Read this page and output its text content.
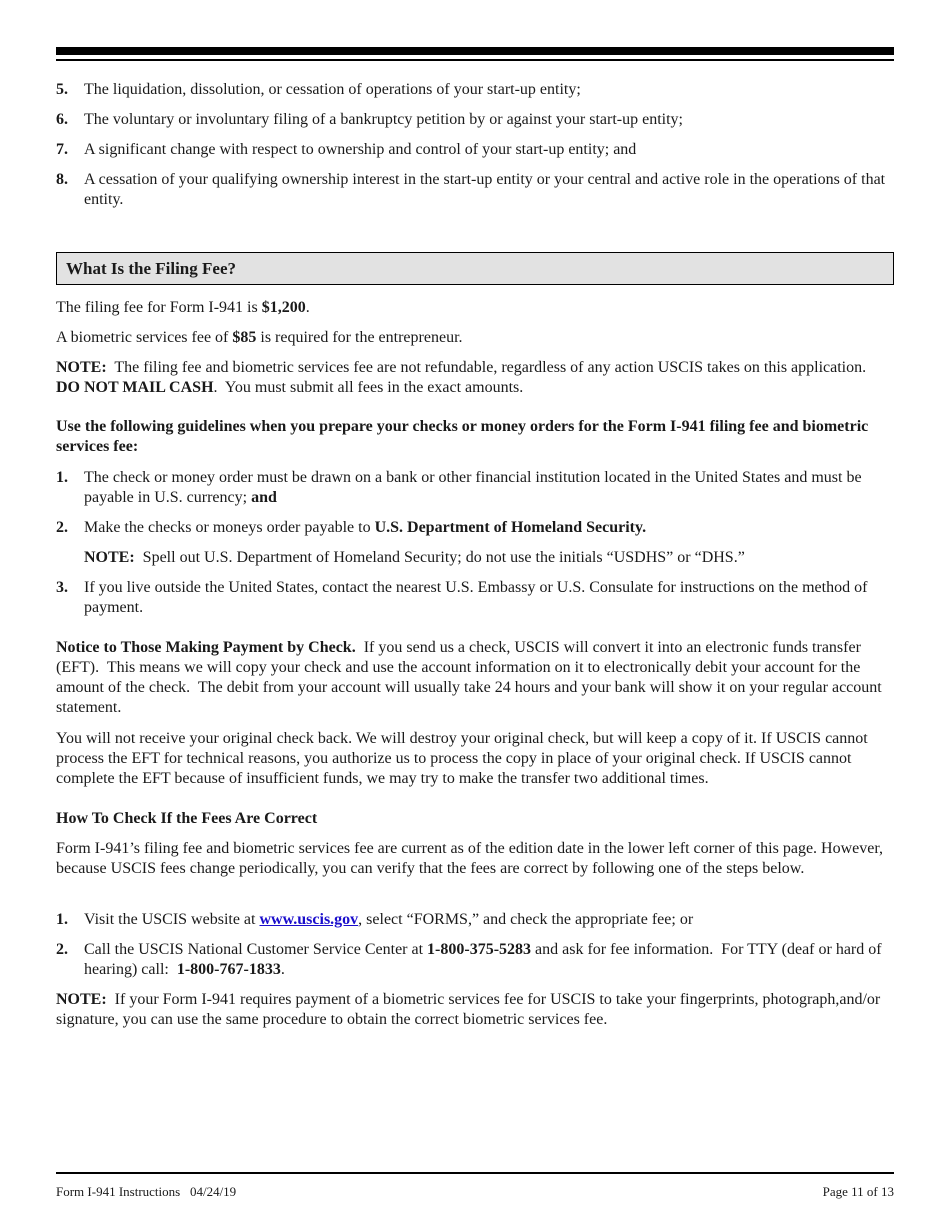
5.	The liquidation, dissolution, or cessation of operations of your start-up entity;
6.	The voluntary or involuntary filing of a bankruptcy petition by or against your start-up entity;
7.	A significant change with respect to ownership and control of your start-up entity; and
8.	A cessation of your qualifying ownership interest in the start-up entity or your central and active role in the operations of that entity.
What Is the Filing Fee?
The filing fee for Form I-941 is $1,200.
A biometric services fee of $85 is required for the entrepreneur.
NOTE:  The filing fee and biometric services fee are not refundable, regardless of any action USCIS takes on this application.  DO NOT MAIL CASH.  You must submit all fees in the exact amounts.
Use the following guidelines when you prepare your checks or money orders for the Form I-941 filing fee and biometric services fee:
1.	The check or money order must be drawn on a bank or other financial institution located in the United States and must be payable in U.S. currency; and
2.	Make the checks or moneys order payable to U.S. Department of Homeland Security.
NOTE:  Spell out U.S. Department of Homeland Security; do not use the initials “USDHS” or “DHS.”
3.	If you live outside the United States, contact the nearest U.S. Embassy or U.S. Consulate for instructions on the method of payment.
Notice to Those Making Payment by Check.  If you send us a check, USCIS will convert it into an electronic funds transfer (EFT).  This means we will copy your check and use the account information on it to electronically debit your account for the amount of the check.  The debit from your account will usually take 24 hours and your bank will show it on your regular account statement.
You will not receive your original check back. We will destroy your original check, but will keep a copy of it. If USCIS cannot process the EFT for technical reasons, you authorize us to process the copy in place of your original check. If USCIS cannot complete the EFT because of insufficient funds, we may try to make the transfer two additional times.
How To Check If the Fees Are Correct
Form I-941’s filing fee and biometric services fee are current as of the edition date in the lower left corner of this page. However, because USCIS fees change periodically, you can verify that the fees are correct by following one of the steps below.
1.	Visit the USCIS website at www.uscis.gov, select “FORMS,” and check the appropriate fee; or
2.	Call the USCIS National Customer Service Center at 1-800-375-5283 and ask for fee information.  For TTY (deaf or hard of hearing) call:  1-800-767-1833.
NOTE:  If your Form I-941 requires payment of a biometric services fee for USCIS to take your fingerprints, photograph,and/or signature, you can use the same procedure to obtain the correct biometric services fee.
Form I-941 Instructions   04/24/19	Page 11 of 13
